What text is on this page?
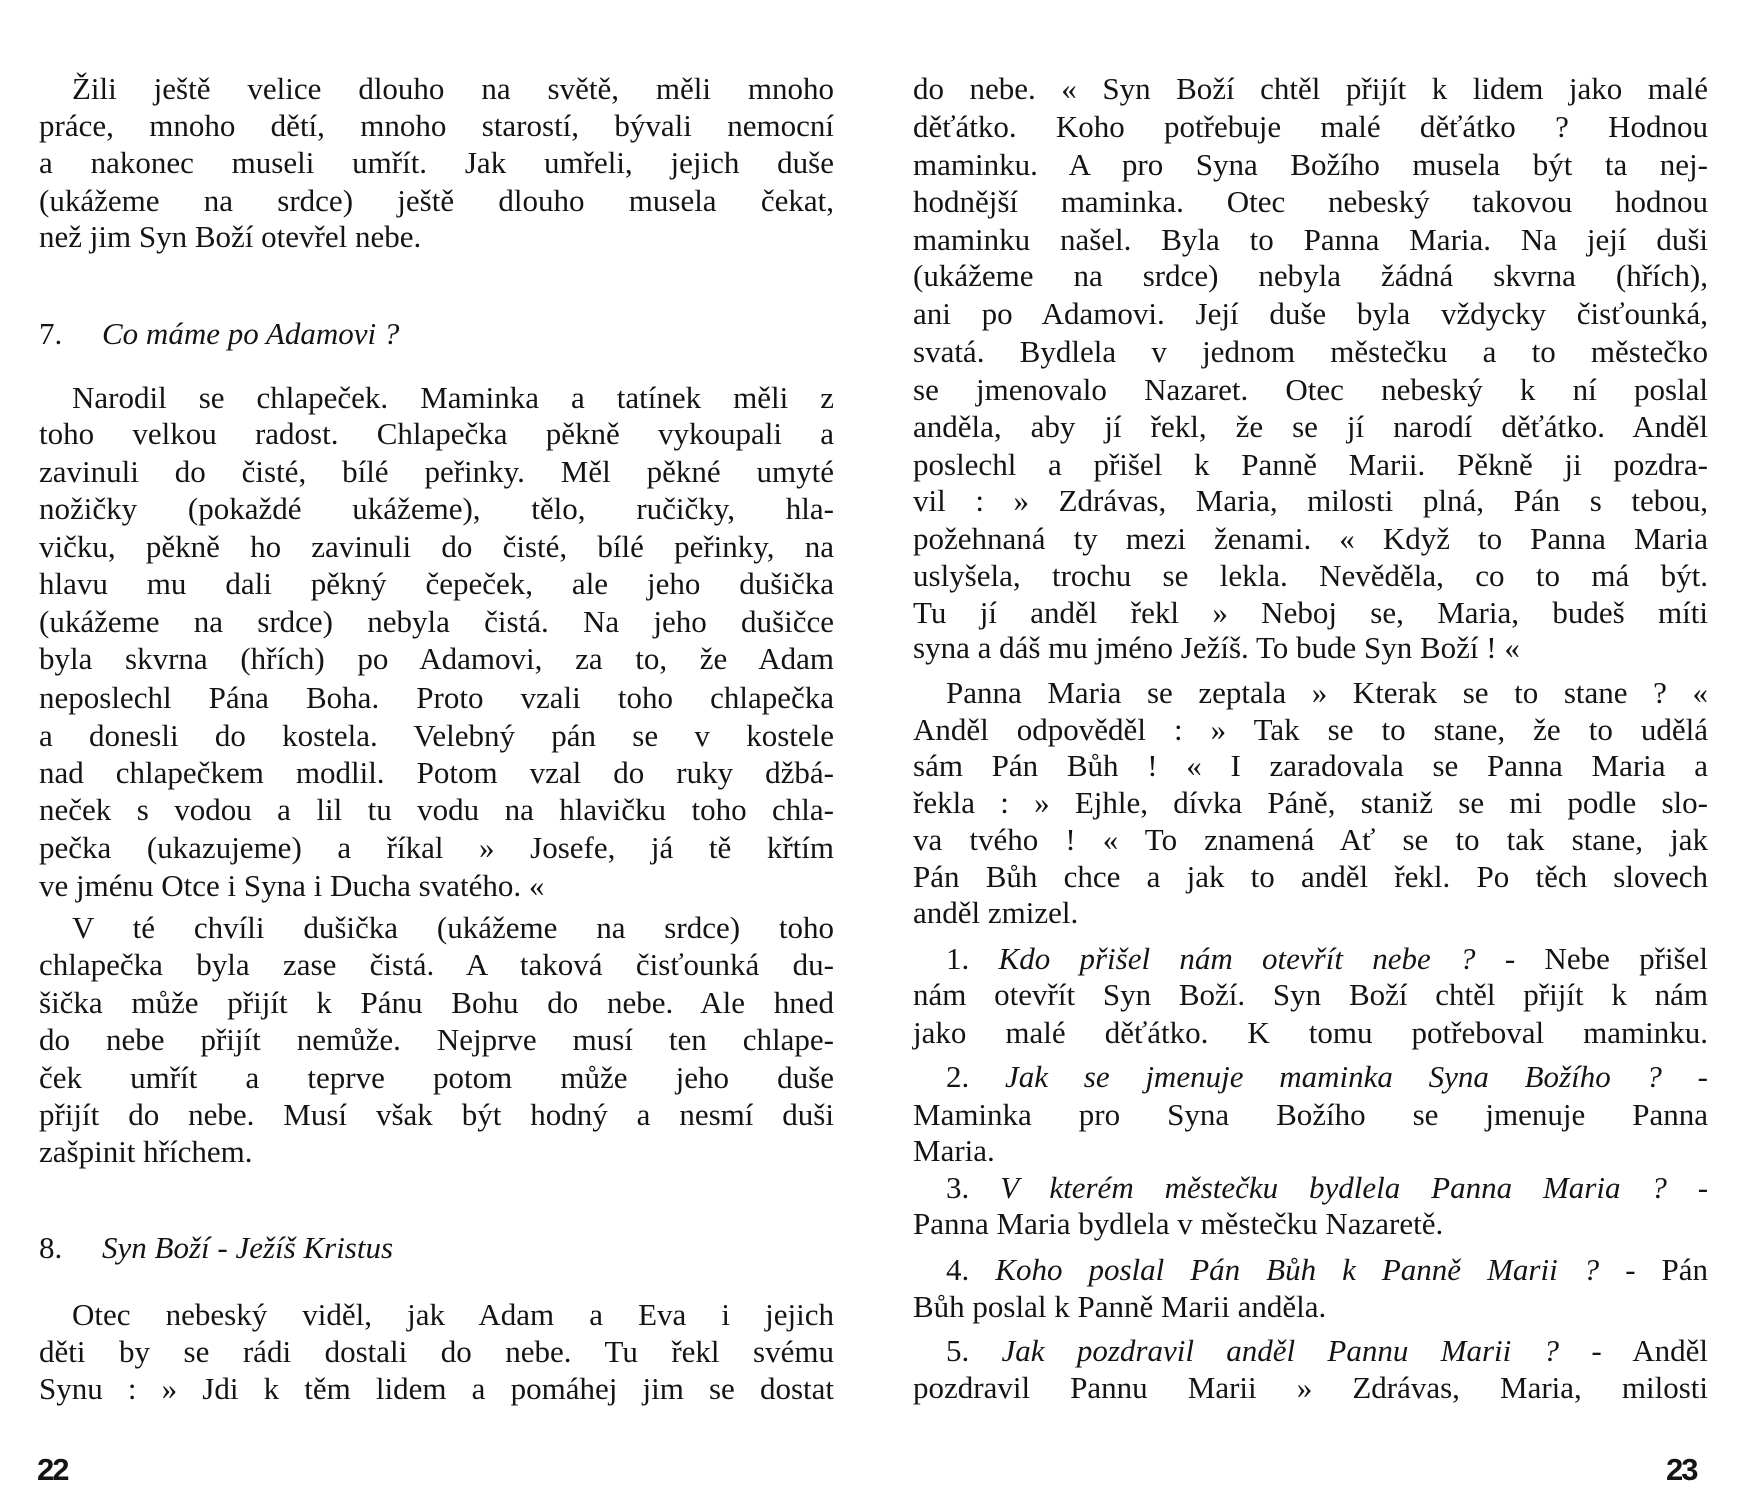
Žili ještě velice dlouho na světě, měli mnoho
práce, mnoho dětí, mnoho starostí, bývali nemocní
a nakonec museli umřít. Jak umřeli, jejich duše
(ukážeme na srdce) ještě dlouho musela čekat,
než jim Syn Boží otevřel nebe.
7. Co máme po Adamovi ?
Narodil se chlapeček. Maminka a tatínek měli z
toho velkou radost. Chlapečka pěkně vykoupali a
zavinuli do čisté, bílé peřinky. Měl pěkné umyté
nožičky (pokaždé ukážeme), tělo, ručičky, hla-
vičku, pěkně ho zavinuli do čisté, bílé peřinky, na
hlavu mu dali pěkný čepeček, ale jeho dušička
(ukážeme na srdce) nebyla čistá. Na jeho dušičce
byla skvrna (hřích) po Adamovi, za to, že Adam
neposlechl Pána Boha. Proto vzali toho chlapečka
a donesli do kostela. Velebný pán se v kostele
nad chlapečkem modlil. Potom vzal do ruky džbá-
neček s vodou a lil tu vodu na hlavičku toho chla-
pečka (ukazujeme) a říkal » Josefe, já tě křtím
ve jménu Otce i Syna i Ducha svatého. «
V té chvíli dušička (ukážeme na srdce) toho
chlapečka byla zase čistá. A taková čisťounká du-
šička může přijít k Pánu Bohu do nebe. Ale hned
do nebe přijít nemůže. Nejprve musí ten chlape-
ček umřít a teprve potom může jeho duše
přijít do nebe. Musí však být hodný a nesmí duši
zašpinit hříchem.
8. Syn Boží - Ježíš Kristus
Otec nebeský viděl, jak Adam a Eva i jejich
děti by se rádi dostali do nebe. Tu řekl svému
Synu : » Jdi k těm lidem a pomáhej jim se dostat
do nebe. « Syn Boží chtěl přijít k lidem jako malé
děťátko. Koho potřebuje malé děťátko ? Hodnou
maminku. A pro Syna Božího musela být ta nej-
hodnější maminka. Otec nebeský takovou hodnou
maminku našel. Byla to Panna Maria. Na její duši
(ukážeme na srdce) nebyla žádná skvrna (hřích),
ani po Adamovi. Její duše byla vždycky čisťounká,
svatá. Bydlela v jednom městečku a to městečko
se jmenovalo Nazaret. Otec nebeský k ní poslal
anděla, aby jí řekl, že se jí narodí děťátko. Anděl
poslechl a přišel k Panně Marii. Pěkně ji pozdra-
vil : » Zdrávas, Maria, milosti plná, Pán s tebou,
požehnaná ty mezi ženami. « Když to Panna Maria
uslyšela, trochu se lekla. Nevěděla, co to má být.
Tu jí anděl řekl » Neboj se, Maria, budeš míti
syna a dáš mu jméno Ježíš. To bude Syn Boží ! «
Panna Maria se zeptala » Kterak se to stane ? «
Anděl odpověděl : » Tak se to stane, že to udělá
sám Pán Bůh ! « I zaradovala se Panna Maria a
řekla : » Ejhle, dívka Páně, staniž se mi podle slo-
va tvého ! « To znamená Ať se to tak stane, jak
Pán Bůh chce a jak to anděl řekl. Po těch slovech
anděl zmizel.
1. Kdo přišel nám otevřít nebe ? - Nebe přišel
nám otevřít Syn Boží. Syn Boží chtěl přijít k nám
jako malé děťátko. K tomu potřeboval maminku.
2. Jak se jmenuje maminka Syna Božího ? -
Maminka pro Syna Božího se jmenuje Panna
Maria.
3. V kterém městečku bydlela Panna Maria ? -
Panna Maria bydlela v městečku Nazaretě.
4. Koho poslal Pán Bůh k Panně Marii ? - Pán
Bůh poslal k Panně Marii anděla.
5. Jak pozdravil anděl Pannu Marii ? - Anděl
pozdravil Pannu Marii » Zdrávas, Maria, milosti
22	23
